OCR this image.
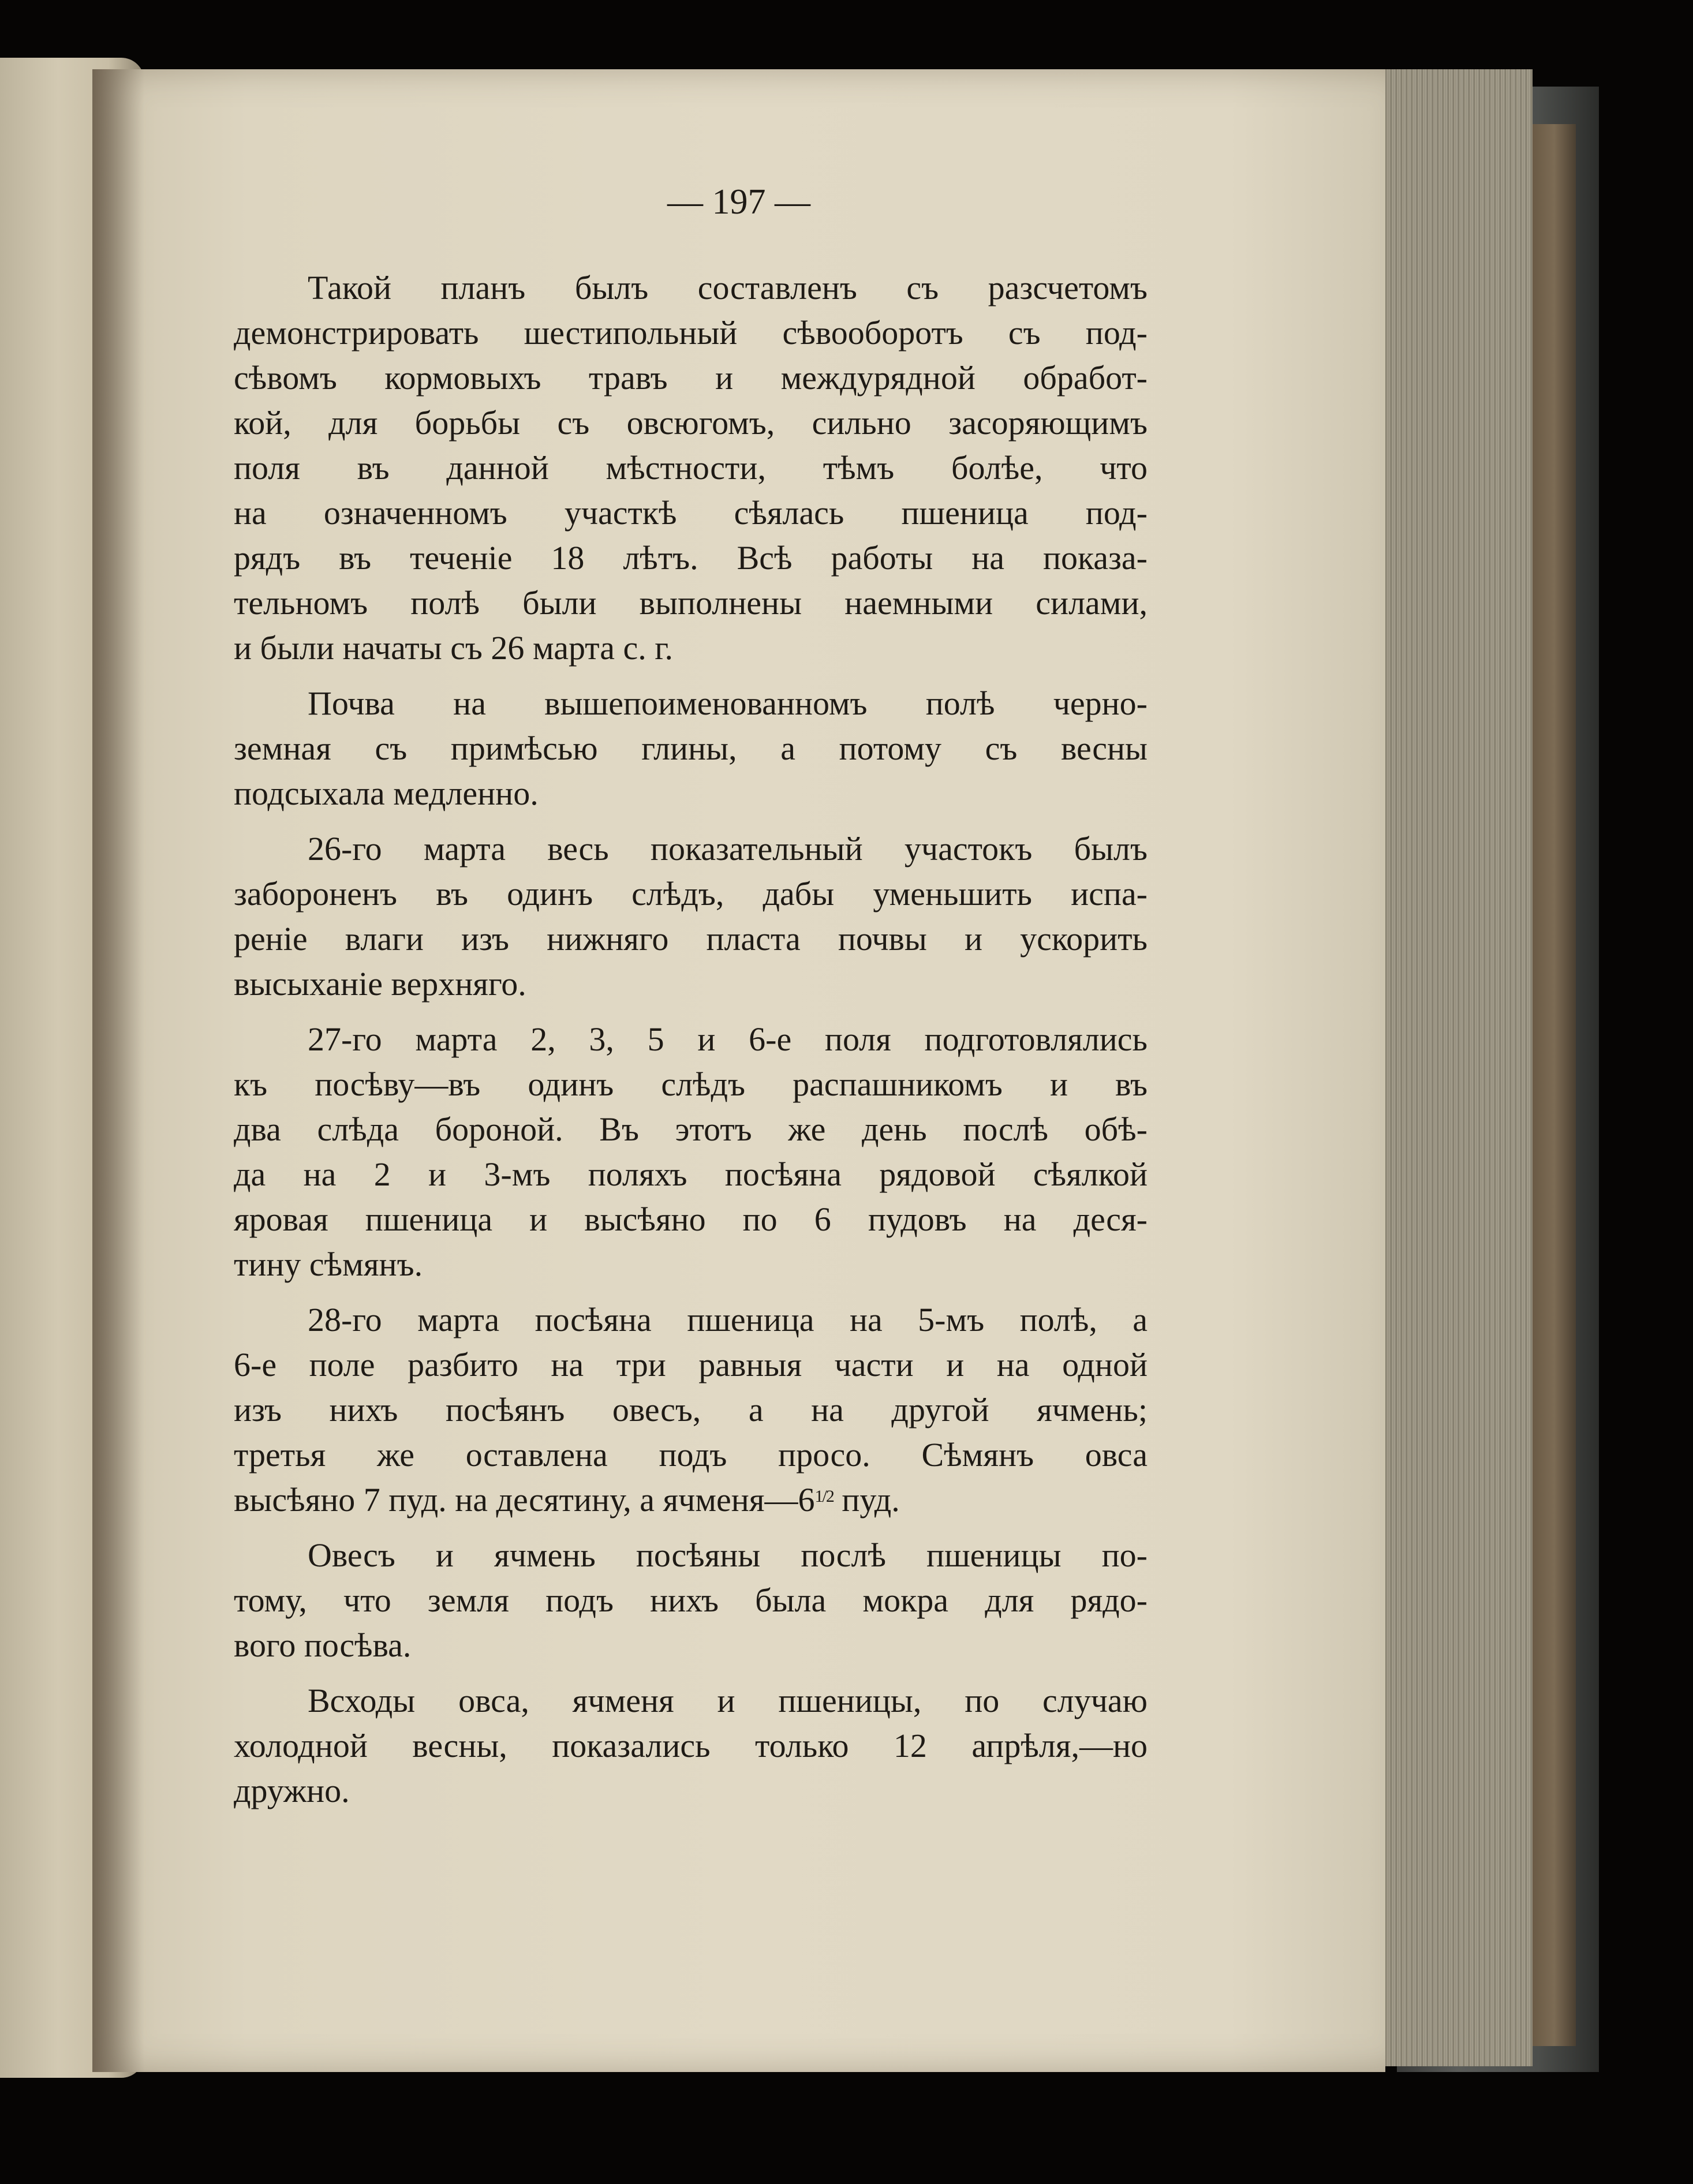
— 197 —
Такой планъ былъ составленъ съ разсчетомъ
демонстрировать шестипольный сѣвооборотъ съ под-
сѣвомъ кормовыхъ травъ и междурядной обработ-
кой, для борьбы съ овсюгомъ, сильно засоряющимъ
поля въ данной мѣстности, тѣмъ болѣе, что
на означенномъ участкѣ сѣялась пшеница под-
рядъ въ теченіе 18 лѣтъ. Всѣ работы на показа-
тельномъ полѣ были выполнены наемными силами,
и были начаты съ 26 марта с. г.
Почва на вышепоименованномъ полѣ черно-
земная съ примѣсью глины, а потому съ весны
подсыхала медленно.
26-го марта весь показательный участокъ былъ
забороненъ въ одинъ слѣдъ, дабы уменьшить испа-
реніе влаги изъ нижняго пласта почвы и ускорить
высыханіе верхняго.
27-го марта 2, 3, 5 и 6-е поля подготовлялись
къ посѣву—въ одинъ слѣдъ распашникомъ и въ
два слѣда бороной. Въ этотъ же день послѣ обѣ-
да на 2 и 3-мъ поляхъ посѣяна рядовой сѣялкой
яровая пшеница и высѣяно по 6 пудовъ на деся-
тину сѣмянъ.
28-го марта посѣяна пшеница на 5-мъ полѣ, а
6-е поле разбито на три равныя части и на одной
изъ нихъ посѣянъ овесъ, а на другой ячмень;
третья же оставлена подъ просо. Сѣмянъ овса
высѣяно 7 пуд. на десятину, а $ячменя—6^{1/2}$ пуд.
Овесъ и ячмень посѣяны послѣ пшеницы по-
тому, что земля подъ нихъ была мокра для рядо-
вого посѣва.
Всходы овса, ячменя и пшеницы, по случаю
холодной весны, показались только 12 апрѣля,—но
дружно.
